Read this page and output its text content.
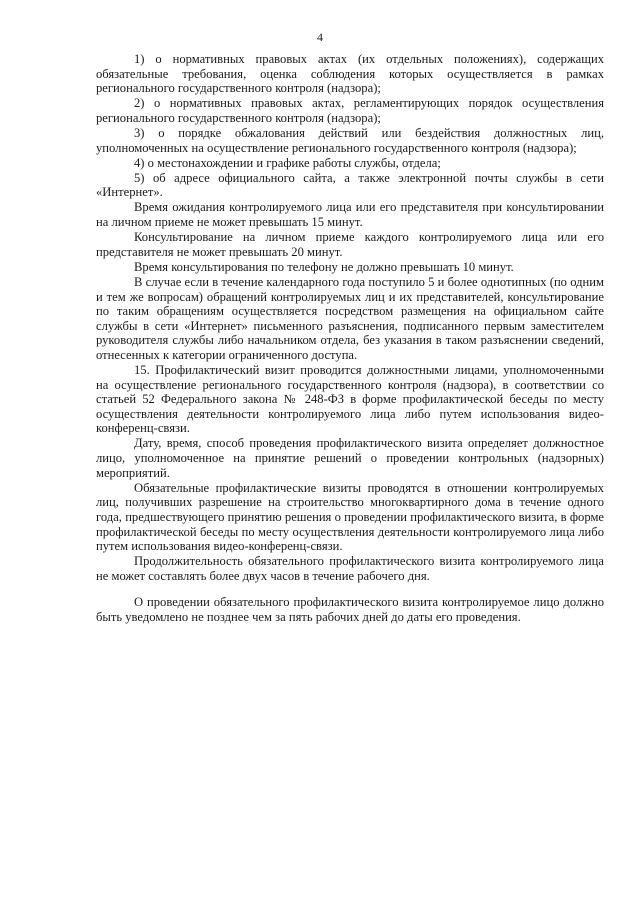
4

1) о нормативных правовых актах (их отдельных положениях), содержащих обязательные требования, оценка соблюдения которых осуществляется в рамках регионального государственного контроля (надзора);

2) о нормативных правовых актах, регламентирующих порядок осуществления регионального государственного контроля (надзора);

3) о порядке обжалования действий или бездействия должностных лиц, уполномоченных на осуществление регионального государственного контроля (надзора);

4) о местонахождении и графике работы службы, отдела;

5) об адресе официального сайта, а также электронной почты службы в сети «Интернет».

Время ожидания контролируемого лица или его представителя при консультировании на личном приеме не может превышать 15 минут.

Консультирование на личном приеме каждого контролируемого лица или его представителя не может превышать 20 минут.

Время консультирования по телефону не должно превышать 10 минут.

В случае если в течение календарного года поступило 5 и более однотипных (по одним и тем же вопросам) обращений контролируемых лиц и их представителей, консультирование по таким обращениям осуществляется посредством размещения на официальном сайте службы в сети «Интернет» письменного разъяснения, подписанного первым заместителем руководителя службы либо начальником отдела, без указания в таком разъяснении сведений, отнесенных к категории ограниченного доступа.

15. Профилактический визит проводится должностными лицами, уполномоченными на осуществление регионального государственного контроля (надзора), в соответствии со статьей 52 Федерального закона № 248-ФЗ в форме профилактической беседы по месту осуществления деятельности контролируемого лица либо путем использования видео-конференц-связи.

Дату, время, способ проведения профилактического визита определяет должностное лицо, уполномоченное на принятие решений о проведении контрольных (надзорных) мероприятий.

Обязательные профилактические визиты проводятся в отношении контролируемых лиц, получивших разрешение на строительство многоквартирного дома в течение одного года, предшествующего принятию решения о проведении профилактического визита, в форме профилактической беседы по месту осуществления деятельности контролируемого лица либо путем использования видео-конференц-связи.

Продолжительность обязательного профилактического визита контролируемого лица не может составлять более двух часов в течение рабочего дня.

О проведении обязательного профилактического визита контролируемое лицо должно быть уведомлено не позднее чем за пять рабочих дней до даты его проведения.
